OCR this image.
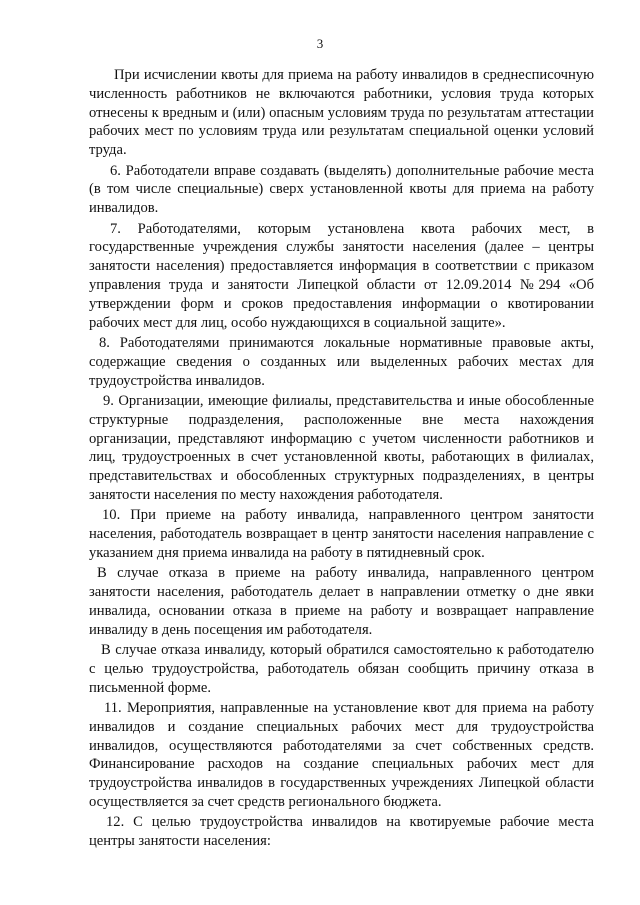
3

При исчислении квоты для приема на работу инвалидов в среднесписочную численность работников не включаются работники, условия труда которых отнесены к вредным и (или) опасным условиям труда по результатам аттестации рабочих мест по условиям труда или результатам специальной оценки условий труда.

6. Работодатели вправе создавать (выделять) дополнительные рабочие места (в том числе специальные) сверх установленной квоты для приема на работу инвалидов.

7. Работодателями, которым установлена квота рабочих мест, в государственные учреждения службы занятости населения (далее – центры занятости населения) предоставляется информация в соответствии с приказом управления труда и занятости Липецкой области от 12.09.2014 №294 «Об утверждении форм и сроков предоставления информации о квотировании рабочих мест для лиц, особо нуждающихся в социальной защите».

8. Работодателями принимаются локальные нормативные правовые акты, содержащие сведения о созданных или выделенных рабочих местах для трудоустройства инвалидов.

9. Организации, имеющие филиалы, представительства и иные обособленные структурные подразделения, расположенные вне места нахождения организации, представляют информацию с учетом численности работников и лиц, трудоустроенных в счет установленной квоты, работающих в филиалах, представительствах и обособленных структурных подразделениях, в центры занятости населения по месту нахождения работодателя.

10. При приеме на работу инвалида, направленного центром занятости населения, работодатель возвращает в центр занятости населения направление с указанием дня приема инвалида на работу в пятидневный срок.

В случае отказа в приеме на работу инвалида, направленного центром занятости населения, работодатель делает в направлении отметку о дне явки инвалида, основании отказа в приеме на работу и возвращает направление инвалиду в день посещения им работодателя.

В случае отказа инвалиду, который обратился самостоятельно к работодателю с целью трудоустройства, работодатель обязан сообщить причину отказа в письменной форме.

11. Мероприятия, направленные на установление квот для приема на работу инвалидов и создание специальных рабочих мест для трудоустройства инвалидов, осуществляются работодателями за счет собственных средств. Финансирование расходов на создание специальных рабочих мест для трудоустройства инвалидов в государственных учреждениях Липецкой области осуществляется за счет средств регионального бюджета.

12. С целью трудоустройства инвалидов на квотируемые рабочие места центры занятости населения:
